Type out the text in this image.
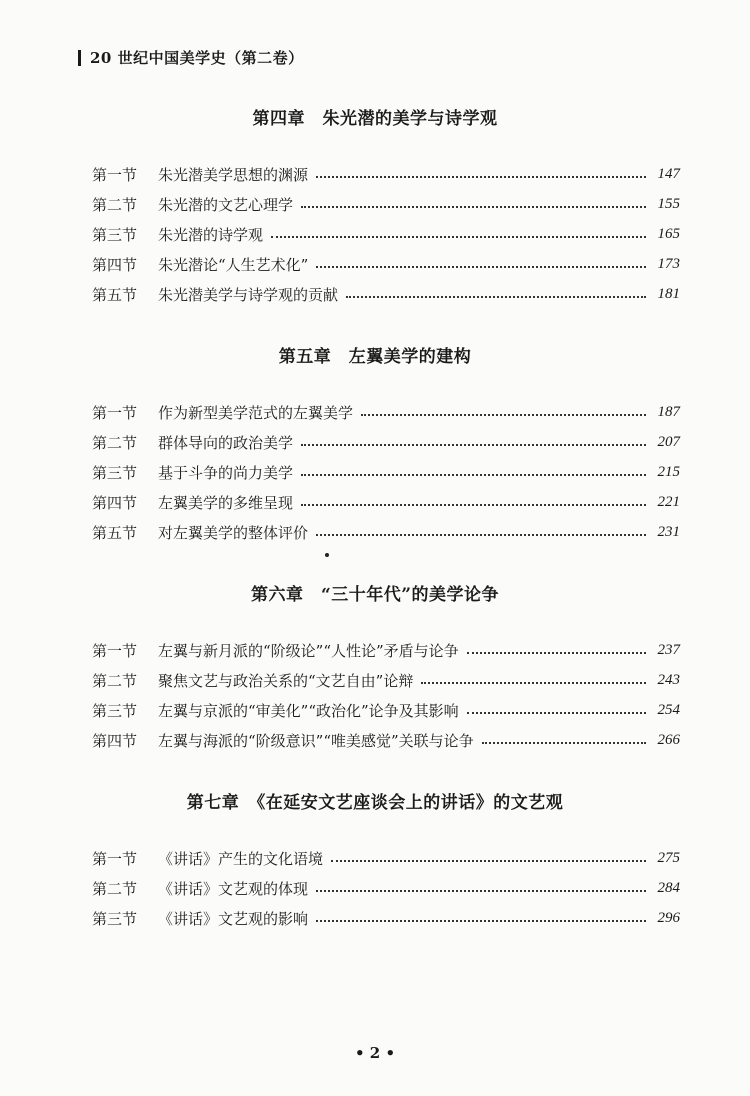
20 世纪中国美学史（第二卷）
第四章　朱光潜的美学与诗学观
第一节	朱光潜美学思想的渊源	147
第二节	朱光潜的文艺心理学	155
第三节	朱光潜的诗学观	165
第四节	朱光潜论“人生艺术化”	173
第五节	朱光潜美学与诗学观的贡献	181
第五章　左翼美学的建构
第一节	作为新型美学范式的左翼美学	187
第二节	群体导向的政治美学	207
第三节	基于斗争的尚力美学	215
第四节	左翼美学的多维呈现	221
第五节	对左翼美学的整体评价	231
第六章　“三十年代”的美学论争
第一节	左翼与新月派的“阶级论”“人性论”矛盾与论争	237
第二节	聚焦文艺与政治关系的“文艺自由”论辩	243
第三节	左翼与京派的“审美化”“政治化”论争及其影响	254
第四节	左翼与海派的“阶级意识”“唯美感觉”关联与论争	266
第七章　《在延安文艺座谈会上的讲话》的文艺观
第一节	《讲话》产生的文化语境	275
第二节	《讲话》文艺观的体现	284
第三节	《讲话》文艺观的影响	296
• 2 •
